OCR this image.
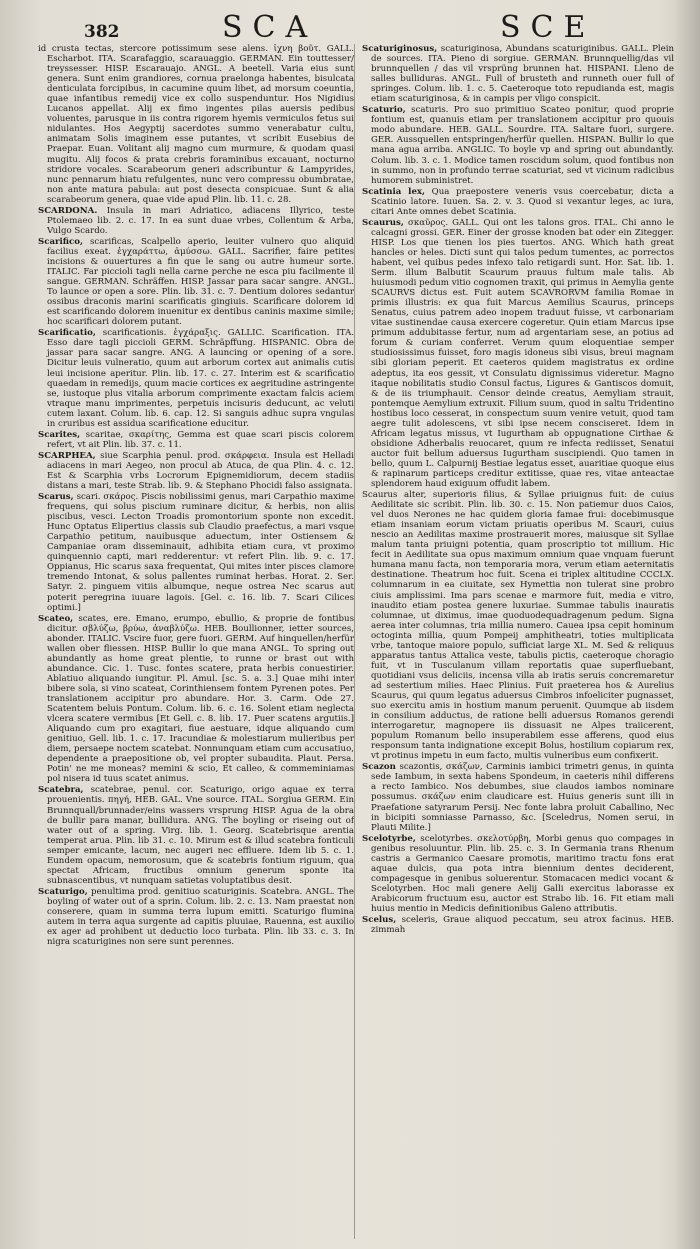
382	SCA	SCE

id crusta tectas, stercore potissimum sese alens. ἰχνη βοῦτ. GALL. Escharbot. ITA. Scarafaggio, scarauaggio. GERMAN. Ein touttesser/ treyssesser. HISP. Escarauajo. ANGL. A beetell. Varia eius sunt genera. Sunt enim grandiores, cornua praelonga habentes, bisulcata denticulata forcipibus, in cacumine quum libet, ad morsum coeuntia, quae infantibus remedij vice ex collo suspenduntur. Hos Nigidius Lucanos appellat. Alij ex fimo ingentes pilas auersis pedibus voluentes, parusque in iis contra rigorem hyemis vermiculos fetus sui nidulantes. Hos Aegyptij sacerdotes summo venerabatur cultu, animatam Solis imaginem esse putantes, vt scribit Eusebius de Praepar. Euan. Volitant alij magno cum murmure, & quodam quasi mugitu. Alij focos & prata crebris foraminibus excauant, nocturno stridore vocales. Scarabeorum generi adscribuntur & Lampyrides, nunc pennarum hiatu refulgentes, nunc vero compressu obumbratae, non ante matura pabula: aut post desecta conspicuae. Sunt & alia scarabeorum genera, quae vide apud Plin. lib. 11. c. 28.

SCARDONA. Insula in mari Adriatico, adiacens Illyrico, teste Ptolemaeo lib. 2. c. 17. In ea sunt duae vrbes, Collentum & Arba, Vulgo Scardo.

Scarifico, scarificas, Scalpello aperio, leuiter vulnero quo aliquid facilius exeat. ἐγχαράττω, ἀμύσσω. GALL. Sacrifier, faire petites incisions & ouuertures a fin que le sang ou autre humeur sorte. ITALIC. Far piccioli tagli nella carne perche ne esca piu facilmente il sangue. GERMAN. Schräffen. HISP. Jassar para sacar sangre. ANGL. To launce or open a sore. Plin. lib. 31. c. 7. Dentium dolores sedantur ossibus draconis marini scarificatis gingiuis. Scarificare dolorem id est scarificando dolorem inuenitur ex dentibus caninis maxime simile; hoc scarificari dolorem putant.

Scarificatio, scarificationis. ἐγχάραξις. GALLIC. Scarification. ITA. Esso dare tagli piccioli GERM. Schräpffung. HISPANIC. Obra de jassar para sacar sangre. ANG. A launcing or opening of a sore. Dicitur leuis vulneratio, quum aut arborum cortex aut animalis cutis leui incisione aperitur. Plin. lib. 17. c. 27. Interim est & scarificatio quaedam in remedijs, quum macie cortices ex aegritudine astringente se, iustoque plus vitalia arborum comprimente exactam falcis aciem vtraque manu imprimentes, perpetuis incisuris deducunt, ac veluti cutem laxant. Colum. lib. 6. cap. 12. Si sanguis adhuc supra vngulas in cruribus est assidua scarificatione educitur.

Scarites, scaritae, σκαρίτης, Gemma est quae scari piscis colorem refert, vt ait Plin. lib. 37. c. 11.

SCARPHEA, siue Scarphia penul. prod. σκάρφεια. Insula est Helladi adiacens in mari Aegeo, non procul ab Atuca, de qua Plin. 4. c. 12. Est & Scarphia vrbs Locrorum Epignemidiorum, decem stadiis distans a mari, teste Strab. lib. 9. & Stephano Phocidi falso assignata.

Scarus, scari. σκάρος. Piscis nobilissimi genus, mari Carpathio maxime frequens, qui solus piscium ruminare dicitur, & herbis, non aliis piscibus, vesci. Lecton Troadis promontorium sponte non excedit. Hunc Optatus Elipertius classis sub Claudio praefectus, a mari vsque Carpathio petitum, nauibusque aduectum, inter Ostiensem & Campaniae oram disseminauit, adhibita etiam cura, vt proximo quinquennio capti, mari redderentur: vt refert Plin. lib. 9. c. 17. Oppianus, Hic scarus saxa frequentat, Qui mites inter pisces clamore tremendo Intonat, & solus pallentes ruminat herbas. Horat. 2. Ser. Satyr. 2. pinguem vitiis albumque, neque ostrea Nec scarus aut poterit peregrina iuuare lagois. [Gel. c. 16. lib. 7. Scari Cilices optimi.]

Scateo, scates, ere. Emano, erumpo, ebullio, & proprie de fontibus dicitur. σβλύζω, βρύω, ἀναβλύζω. HEB. Boullionner, ietter sources, abonder. ITALIC. Vscire fuor, gere fuori. GERM. Auf hinquellen/herfür wallen ober fliessen. HISP. Bullir lo que mana ANGL. To spring out abundantly as home great plentie, to runne or brast out with abundance. Cic. 1. Tusc. fontes scatere, prata herbis conuestirier. Ablatiuo aliquando iungitur. Pl. Amul. [sc. 5. a. 3.] Quae mihi inter bibere sola, si vino scateat, Corinthiensem fontem Pyrenen potes. Per translationem accipitur pro abundare. Hor. 3. Carm. Ode 27. Scatentem beluis Pontum. Colum. lib. 6. c. 16. Solent etiam neglecta vlcera scatere vermibus [Et Gell. c. 8. lib. 17. Puer scatens argutiis.] Aliquando cum pro exagitari, fiue aestuare, idque aliquando cum genitiuo, Gell. lib. 1. c. 17. Iracundiae & molestiarum mulieribus per diem, persaepe noctem scatebat. Nonnunquam etiam cum accusatiuo, dependente a praepositione ob, vel propter subaudita. Plaut. Persa. Potin' ne me moneas? memini & scio, Et calleo, & commeminiamas pol nisera id tuus scatet animus.

Scatebra, scatebrae, penul. cor. Scaturigo, origo aquae ex terra prouenientis. πηγή, HEB. GAL. Vne source. ITAL. Sorgiua GERM. Ein Brunnquall/brunnader/eins wassers vrsprung HISP. Agua de la obra de bullir para manar, bullidura. ANG. The boyling or riseing out of water out of a spring. Virg. lib. 1. Georg. Scatebrisque arentia temperat arua. Plin. lib 31. c. 10. Mirum est & illud scatebra fonticuli semper emicante, lacum, nec augeri nec effluere. Idem lib 5. c. 1. Eundem opacum, nemorosum, que & scatebris fontium riguum, qua spectat Africam, fructibus omnium generum sponte ita subnascentibus, vt nunquam satietas voluptatibus desit.

Scaturigo, penultima prod. genitiuo scaturiginis. Scatebra. ANGL. The boyling of water out of a sprin. Colum. lib. 2. c. 13. Nam praestat non conserere, quam in summa terra lupum emitti. Scaturigo flumina autem in terra aqua surgente ad capitis pluuiae, Rauenna, est auxilio ex ager ad prohibent ut deductio loco turbata. Plin. lib 33. c. 3. In nigra scaturigines non sere sunt perennes.

Scaturiginosus, scaturiginosa, Abundans scaturiginibus. GALL. Plein de sources. ITA. Pieno di sorgiue. GERMAN. Brunnquellig/das vil brunnquellen / das vil vrsprüng brunnen hat. HISPANI. Lleno de salles bulliduras. ANGL. Full of brusteth and runneth ouer full of springes. Colum. lib. 1. c. 5. Caeteroque toto repudianda est, magis etiam scaturiginosa, & in campis per vligo conspicit.

Scaturio, scaturis. Pro suo primitiuo Scateo ponitur, quod proprie fontium est, quanuis etiam per translationem accipitur pro quouis modo abundare. HEB. GALL. Sourdre. ITA. Saltare fuori, surgere. GER. Aussquellen entspringen/herfür quellen. HISPAN. Bullir lo que mana agua arriba. ANGLIC. To boyle vp and spring out abundantly. Colum. lib. 3. c. 1. Modice tamen roscidum solum, quod fontibus non in summo, non in profundo terrae scaturiat, sed vt vicinum radicibus humorem subministret.

Scatinia lex, Qua praepostere veneris vsus coercebatur, dicta a Scatinio latore. Iuuen. Sa. 2. v. 3. Quod si vexantur leges, ac iura, citari Ante omnes debet Scatinia.

Scaurus, σκαῦρος. GALL. Qui ont les talons gros. ITAL. Chi anno le calcagni grossi. GER. Einer der grosse knoden bat oder ein Zitegger. HISP. Los que tienen los pies tuertos. ANG. Which hath great hancles or heles. Dicti sunt qui talos pedum tumentes, ac porrectos habent, vel quibus pedes infexo talo retigardi sunt. Hor. Sat. lib. 1. Serm. illum Balbutit Scaurum prauus fultum male talis. Ab huiusmodi pedum vitio cognomen traxit, qui primus in Aemylia gente SCAURVS dictus est. Fuit autem SCAVRORVM familia Romae in primis illustris: ex qua fuit Marcus Aemilius Scaurus, princeps Senatus, cuius patrem adeo inopem traduut fuisse, vt carbonariam vitae sustinendae causa exercere cogeretur. Quin etiam Marcus ipse primum addubitasse fertur, num ad argentariam sese, an potius ad forum & curiam conferret. Verum quum eloquentiae semper studiosissimus fuisset, foro magis idoneus sibi visus, breui magnam sibi gloriam peperit. Et caeteros quidem magistratus ex ordine adeptus, ita eos gessit, vt Consulatu dignissimus videretur. Magno itaque nobilitatis studio Consul factus, Ligures & Gantiscos domuit, & de iis triumphauit. Censor deinde creatus, Aemyliam strauit, pontemque Aemylium extruxit. Filium suum, quod in saltu Tridentino hostibus loco cesserat, in conspectum suum venire vetuit, quod tam aegre tulit adolescens, vt sibi ipse necem consciseret. Idem in Africam legatus missus, vt Iugurtham ab oppugnatione Cirthae & obsidione Adherbalis reuocaret, quum re infecta rediisset, Senatui auctor fuit bellum aduersus Iugurtham suscipiendi. Quo tamen in bello, quum L. Calpurnij Bestiae legatus esset, auaritiae quoque eius & rapinarum particeps creditur extitisse, quae res, vitae anteactae splendorem haud exiguum offudit labem.

Scaurus alter, superioris filius, & Syllae priuignus fuit: de cuius Aedilitate sic scribit. Plin. lib. 30. c. 15. Non patiemur duos Caios, vel duos Nerones ne hac quidem gloria famae frui: docebimusque etiam insaniam eorum victam priuatis operibus M. Scauri, cuius nescio an Aedilitas maxime prostrauerit mores, maiusque sit Syllae malum tanta priuigni potentia, quam proscriptio tot millium. Hic fecit in Aedilitate sua opus maximum omnium quae vnquam fuerunt humana manu facta, non temporaria mora, verum etiam aeternitatis destinatione. Theatrum hoc fuit. Scena ei triplex altitudine CCCLX. columnarum in ea ciuitate, sex Hymettia non tulerat sine probro ciuis amplissimi. Ima pars scenae e marmore fuit, media e vitro, inaudito etiam postea genere luxuriae. Summae tabulis inauratis columnae, ut diximus, imae quoduodequadragenum pedum. Signa aerea inter columnas, tria millia numero. Cauea ipsa cepit hominum octoginta millia, quum Pompeij amphitheatri, toties multiplicata vrbe, tantoque maiore populo, sufficiat large XL. M. Sed & reliquus apparatus tantus Attalica veste, tabulis pictis, caeteroque choragio fuit, vt in Tusculanum villam reportatis quae superfluebant, quotidiani vsus deliciis, incensa villa ab iratis seruis concremaretur ad sestertium milies. Haec Plinius. Fuit praeterea hos & Aurelius Scaurus, qui quum legatus aduersus Cimbros infoeliciter pugnasset, suo exercitu amis in hostium manum peruenit. Quumque ab iisdem in consilium adductus, de ratione belli aduersus Romanos gerendi interrogaretur, magnopere iis dissuasit ne Alpes traiicerent, populum Romanum bello insuperabilem esse afferens, quod eius responsum tanta indignatione excepit Bolus, hostilium copiarum rex, vt protinus impetu in eum facto, multis vulneribus eum confixerit.

Scazon scazontis, σκάζων, Carminis iambici trimetri genus, in quinta sede Iambum, in sexta habens Spondeum, in caeteris nihil differens a recto Iambico. Nos debumbes, siue claudos iambos nominare possumus. σκάζων enim claudicare est. Huius generis sunt illi in Praefatione satyrarum Persij. Nec fonte labra proluit Caballino, Nec in bicipiti somniasse Parnasso, &c. [Sceledrus, Nomen serui, in Plauti Milite.]

Scelotyrbe, scelotyrbes. σκελοτύρβη, Morbi genus quo compages in genibus resoluuntur. Plin. lib. 25. c. 3. In Germania trans Rhenum castris a Germanico Caesare promotis, maritimo tractu fons erat aquae dulcis, qua pota intra biennium dentes deciderent, compagesque in genibus soluerentur. Stomacacen medici vocant & Scelotyrben. Hoc mali genere Aelij Galli exercitus laborasse ex Arabicorum fructuum esu, auctor est Strabo lib. 16. Fit etiam mali huius mentio in Medicis definitionibus Galeno attributis.

Scelus, sceleris, Graue aliquod peccatum, seu atrox facinus. HEB. zimmah
